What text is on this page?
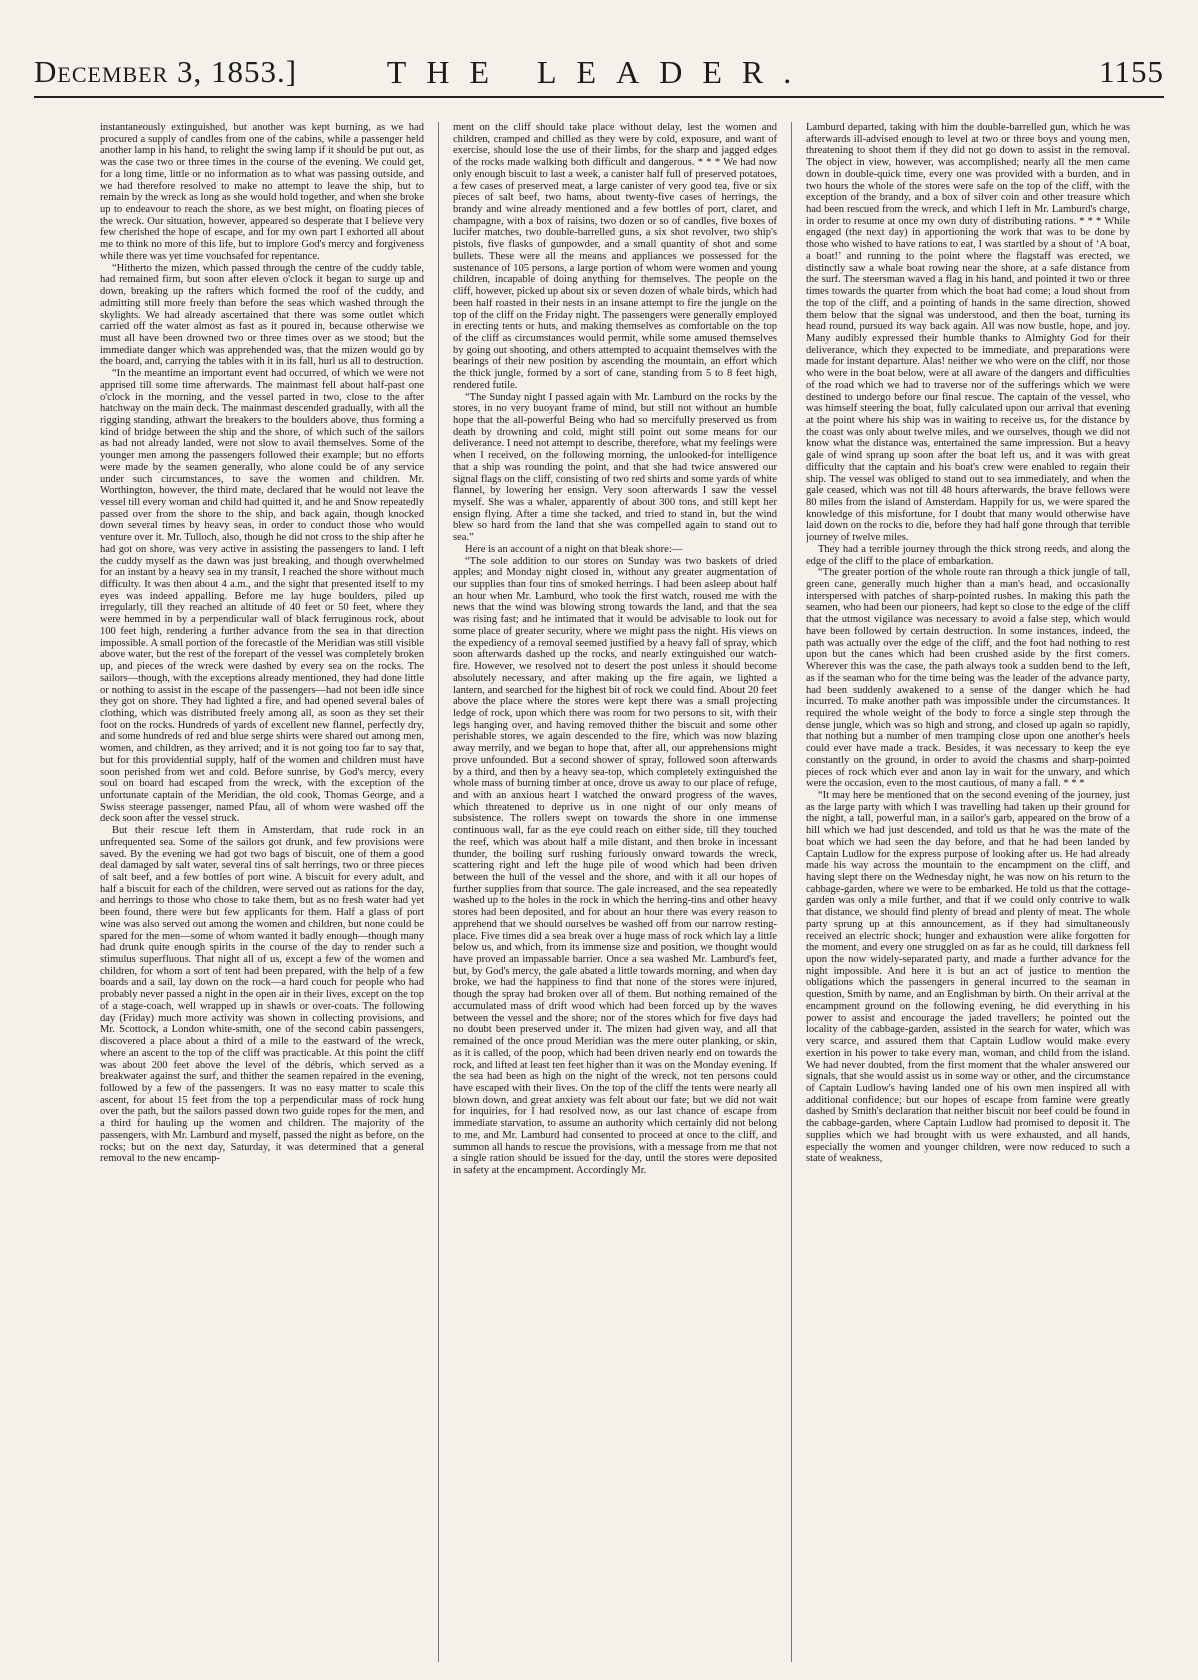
December 3, 1853.]	THE LEADER.	1155

instantaneously extinguished, but another was kept burning, as we had procured a supply of candles from one of the cabins, while a passenger held another lamp in his hand, to relight the swing lamp if it should be put out, as was the case two or three times in the course of the evening. We could get, for a long time, little or no information as to what was passing outside, and we had therefore resolved to make no attempt to leave the ship, but to remain by the wreck as long as she would hold together, and when she broke up to endeavour to reach the shore, as we best might, on floating pieces of the wreck. Our situation, however, appeared so desperate that I believe very few cherished the hope of escape, and for my own part I exhorted all about me to think no more of this life, but to implore God's mercy and forgiveness while there was yet time vouchsafed for repentance.

“Hitherto the mizen, which passed through the centre of the cuddy table, had remained firm, but soon after eleven o'clock it began to surge up and down, breaking up the rafters which formed the roof of the cuddy, and admitting still more freely than before the seas which washed through the skylights. We had already ascertained that there was some outlet which carried off the water almost as fast as it poured in, because otherwise we must all have been drowned two or three times over as we stood; but the immediate danger which was apprehended was, that the mizen would go by the board, and, carrying the tables with it in its fall, hurl us all to destruction.

“In the meantime an important event had occurred, of which we were not apprised till some time afterwards. The mainmast fell about half-past one o'clock in the morning, and the vessel parted in two, close to the after hatchway on the main deck. The mainmast descended gradually, with all the rigging standing, athwart the breakers to the boulders above, thus forming a kind of bridge between the ship and the shore, of which such of the sailors as had not already landed, were not slow to avail themselves. Some of the younger men among the passengers followed their example; but no efforts were made by the seamen generally, who alone could be of any service under such circumstances, to save the women and children. Mr. Worthington, however, the third mate, declared that he would not leave the vessel till every woman and child had quitted it, and he and Snow repeatedly passed over from the shore to the ship, and back again, though knocked down several times by heavy seas, in order to conduct those who would venture over it. Mr. Tulloch, also, though he did not cross to the ship after he had got on shore, was very active in assisting the passengers to land. I left the cuddy myself as the dawn was just breaking, and though overwhelmed for an instant by a heavy sea in my transit, I reached the shore without much difficulty. It was then about 4 a.m., and the sight that presented itself to my eyes was indeed appalling. Before me lay huge boulders, piled up irregularly, till they reached an altitude of 40 feet or 50 feet, where they were hemmed in by a perpendicular wall of black ferruginous rock, about 100 feet high, rendering a further advance from the sea in that direction impossible. A small portion of the forecastle of the Meridian was still visible above water, but the rest of the forepart of the vessel was completely broken up, and pieces of the wreck were dashed by every sea on the rocks. The sailors—though, with the exceptions already mentioned, they had done little or nothing to assist in the escape of the passengers—had not been idle since they got on shore. They had lighted a fire, and had opened several bales of clothing, which was distributed freely among all, as soon as they set their foot on the rocks. Hundreds of yards of excellent new flannel, perfectly dry, and some hundreds of red and blue serge shirts were shared out among men, women, and children, as they arrived; and it is not going too far to say that, but for this providential supply, half of the women and children must have soon perished from wet and cold. Before sunrise, by God's mercy, every soul on board had escaped from the wreck, with the exception of the unfortunate captain of the Meridian, the old cook, Thomas George, and a Swiss steerage passenger, named Pfau, all of whom were washed off the deck soon after the vessel struck.

But their rescue left them in Amsterdam, that rude rock in an unfrequented sea. Some of the sailors got drunk, and few provisions were saved. By the evening we had got two bags of biscuit, one of them a good deal damaged by salt water, several tins of salt herrings, two or three pieces of salt beef, and a few bottles of port wine. A biscuit for every adult, and half a biscuit for each of the children, were served out as rations for the day, and herrings to those who chose to take them, but as no fresh water had yet been found, there were but few applicants for them. Half a glass of port wine was also served out among the women and children, but none could be spared for the men—some of whom wanted it badly enough—though many had drunk quite enough spirits in the course of the day to render such a stimulus superfluous. That night all of us, except a few of the women and children, for whom a sort of tent had been prepared, with the help of a few boards and a sail, lay down on the rock—a hard couch for people who had probably never passed a night in the open air in their lives, except on the top of a stage-coach, well wrapped up in shawls or over-coats. The following day (Friday) much more activity was shown in collecting provisions, and Mr. Scottock, a London white-smith, one of the second cabin passengers, discovered a place about a third of a mile to the eastward of the wreck, where an ascent to the top of the cliff was practicable. At this point the cliff was about 200 feet above the level of the débris, which served as a breakwater against the surf, and thither the seamen repaired in the evening, followed by a few of the passengers. It was no easy matter to scale this ascent, for about 15 feet from the top a perpendicular mass of rock hung over the path, but the sailors passed down two guide ropes for the men, and a third for hauling up the women and children. The majority of the passengers, with Mr. Lamburd and myself, passed the night as before, on the rocks; but on the next day, Saturday, it was determined that a general removal to the new encamp-

ment on the cliff should take place without delay, lest the women and children, cramped and chilled as they were by cold, exposure, and want of exercise, should lose the use of their limbs, for the sharp and jagged edges of the rocks made walking both difficult and dangerous. * * * We had now only enough biscuit to last a week, a canister half full of preserved potatoes, a few cases of preserved meat, a large canister of very good tea, five or six pieces of salt beef, two hams, about twenty-five cases of herrings, the brandy and wine already mentioned and a few bottles of port, claret, and champagne, with a box of raisins, two dozen or so of candles, five boxes of lucifer matches, two double-barrelled guns, a six shot revolver, two ship's pistols, five flasks of gunpowder, and a small quantity of shot and some bullets. These were all the means and appliances we possessed for the sustenance of 105 persons, a large portion of whom were women and young children, incapable of doing anything for themselves. The people on the cliff, however, picked up about six or seven dozen of whale birds, which had been half roasted in their nests in an insane attempt to fire the jungle on the top of the cliff on the Friday night. The passengers were generally employed in erecting tents or huts, and making themselves as comfortable on the top of the cliff as circumstances would permit, while some amused themselves by going out shooting, and others attempted to acquaint themselves with the bearings of their new position by ascending the mountain, an effort which the thick jungle, formed by a sort of cane, standing from 5 to 8 feet high, rendered futile.

“The Sunday night I passed again with Mr. Lamburd on the rocks by the stores, in no very buoyant frame of mind, but still not without an humble hope that the all-powerful Being who had so mercifully preserved us from death by drowning and cold, might still point out some means for our deliverance. I need not attempt to describe, therefore, what my feelings were when I received, on the following morning, the unlooked-for intelligence that a ship was rounding the point, and that she had twice answered our signal flags on the cliff, consisting of two red shirts and some yards of white flannel, by lowering her ensign. Very soon afterwards I saw the vessel myself. She was a whaler, apparently of about 300 tons, and still kept her ensign flying. After a time she tacked, and tried to stand in, but the wind blew so hard from the land that she was compelled again to stand out to sea.”

Here is an account of a night on that bleak shore:—

“The sole addition to our stores on Sunday was two baskets of dried apples; and Monday night closed in, without any greater augmentation of our supplies than four tins of smoked herrings. I had been asleep about half an hour when Mr. Lamburd, who took the first watch, roused me with the news that the wind was blowing strong towards the land, and that the sea was rising fast; and he intimated that it would be advisable to look out for some place of greater security, where we might pass the night. His views on the expediency of a removal seemed justified by a heavy fall of spray, which soon afterwards dashed up the rocks, and nearly extinguished our watch-fire. However, we resolved not to desert the post unless it should become absolutely necessary, and after making up the fire again, we lighted a lantern, and searched for the highest bit of rock we could find. About 20 feet above the place where the stores were kept there was a small projecting ledge of rock, upon which there was room for two persons to sit, with their legs hanging over, and having removed thither the biscuit and some other perishable stores, we again descended to the fire, which was now blazing away merrily, and we began to hope that, after all, our apprehensions might prove unfounded. But a second shower of spray, followed soon afterwards by a third, and then by a heavy sea-top, which completely extinguished the whole mass of burning timber at once, drove us away to our place of refuge, and with an anxious heart I watched the onward progress of the waves, which threatened to deprive us in one night of our only means of subsistence. The rollers swept on towards the shore in one immense continuous wall, far as the eye could reach on either side, till they touched the reef, which was about half a mile distant, and then broke in incessant thunder, the boiling surf rushing furiously onward towards the wreck, scattering right and left the huge pile of wood which had been driven between the hull of the vessel and the shore, and with it all our hopes of further supplies from that source. The gale increased, and the sea repeatedly washed up to the holes in the rock in which the herring-tins and other heavy stores had been deposited, and for about an hour there was every reason to apprehend that we should ourselves be washed off from our narrow resting-place. Five times did a sea break over a huge mass of rock which lay a little below us, and which, from its immense size and position, we thought would have proved an impassable barrier. Once a sea washed Mr. Lamburd's feet, but, by God's mercy, the gale abated a little towards morning, and when day broke, we had the happiness to find that none of the stores were injured, though the spray had broken over all of them. But nothing remained of the accumulated mass of drift wood which had been forced up by the waves between the vessel and the shore; nor of the stores which for five days had no doubt been preserved under it. The mizen had given way, and all that remained of the once proud Meridian was the mere outer planking, or skin, as it is called, of the poop, which had been driven nearly end on towards the rock, and lifted at least ten feet higher than it was on the Monday evening. If the sea had been as high on the night of the wreck, not ten persons could have escaped with their lives. On the top of the cliff the tents were nearly all blown down, and great anxiety was felt about our fate; but we did not wait for inquiries, for I had resolved now, as our last chance of escape from immediate starvation, to assume an authority which certainly did not belong to me, and Mr. Lamburd had consented to proceed at once to the cliff, and summon all hands to rescue the provisions, with a message from me that not a single ration should be issued for the day, until the stores were deposited in safety at the encampment. Accordingly Mr.

Lamburd departed, taking with him the double-barrelled gun, which he was afterwards ill-advised enough to level at two or three boys and young men, threatening to shoot them if they did not go down to assist in the removal. The object in view, however, was accomplished; nearly all the men came down in double-quick time, every one was provided with a burden, and in two hours the whole of the stores were safe on the top of the cliff, with the exception of the brandy, and a box of silver coin and other treasure which had been rescued from the wreck, and which I left in Mr. Lamburd's charge, in order to resume at once my own duty of distributing rations. * * * While engaged (the next day) in apportioning the work that was to be done by those who wished to have rations to eat, I was startled by a shout of ‘A boat, a boat!’ and running to the point where the flagstaff was erected, we distinctly saw a whale boat rowing near the shore, at a safe distance from the surf. The steersman waved a flag in his hand, and pointed it two or three times towards the quarter from which the boat had come; a loud shout from the top of the cliff, and a pointing of hands in the same direction, showed them below that the signal was understood, and then the boat, turning its head round, pursued its way back again. All was now bustle, hope, and joy. Many audibly expressed their humble thanks to Almighty God for their deliverance, which they expected to be immediate, and preparations were made for instant departure. Alas! neither we who were on the cliff, nor those who were in the boat below, were at all aware of the dangers and difficulties of the road which we had to traverse nor of the sufferings which we were destined to undergo before our final rescue. The captain of the vessel, who was himself steering the boat, fully calculated upon our arrival that evening at the point where his ship was in waiting to receive us, for the distance by the coast was only about twelve miles, and we ourselves, though we did not know what the distance was, entertained the same impression. But a heavy gale of wind sprang up soon after the boat left us, and it was with great difficulty that the captain and his boat's crew were enabled to regain their ship. The vessel was obliged to stand out to sea immediately, and when the gale ceased, which was not till 48 hours afterwards, the brave fellows were 80 miles from the island of Amsterdam. Happily for us, we were spared the knowledge of this misfortune, for I doubt that many would otherwise have laid down on the rocks to die, before they had half gone through that terrible journey of twelve miles.

They had a terrible journey through the thick strong reeds, and along the edge of the cliff to the place of embarkation.

“The greater portion of the whole route ran through a thick jungle of tall, green cane, generally much higher than a man's head, and occasionally interspersed with patches of sharp-pointed rushes. In making this path the seamen, who had been our pioneers, had kept so close to the edge of the cliff that the utmost vigilance was necessary to avoid a false step, which would have been followed by certain destruction. In some instances, indeed, the path was actually over the edge of the cliff, and the foot had nothing to rest upon but the canes which had been crushed aside by the first comers. Wherever this was the case, the path always took a sudden bend to the left, as if the seaman who for the time being was the leader of the advance party, had been suddenly awakened to a sense of the danger which he had incurred. To make another path was impossible under the circumstances. It required the whole weight of the body to force a single step through the dense jungle, which was so high and strong, and closed up again so rapidly, that nothing but a number of men tramping close upon one another's heels could ever have made a track. Besides, it was necessary to keep the eye constantly on the ground, in order to avoid the chasms and sharp-pointed pieces of rock which ever and anon lay in wait for the unwary, and which were the occasion, even to the most cautious, of many a fall. * * *

“It may here be mentioned that on the second evening of the journey, just as the large party with which I was travelling had taken up their ground for the night, a tall, powerful man, in a sailor's garb, appeared on the brow of a hill which we had just descended, and told us that he was the mate of the boat which we had seen the day before, and that he had been landed by Captain Ludlow for the express purpose of looking after us. He had already made his way across the mountain to the encampment on the cliff, and having slept there on the Wednesday night, he was now on his return to the cabbage-garden, where we were to be embarked. He told us that the cottage-garden was only a mile further, and that if we could only contrive to walk that distance, we should find plenty of bread and plenty of meat. The whole party sprung up at this announcement, as if they had simultaneously received an electric shock; hunger and exhaustion were alike forgotten for the moment, and every one struggled on as far as he could, till darkness fell upon the now widely-separated party, and made a further advance for the night impossible. And here it is but an act of justice to mention the obligations which the passengers in general incurred to the seaman in question, Smith by name, and an Englishman by birth. On their arrival at the encampment ground on the following evening, he did everything in his power to assist and encourage the jaded travellers; he pointed out the locality of the cabbage-garden, assisted in the search for water, which was very scarce, and assured them that Captain Ludlow would make every exertion in his power to take every man, woman, and child from the island. We had never doubted, from the first moment that the whaler answered our signals, that she would assist us in some way or other, and the circumstance of Captain Ludlow's having landed one of his own men inspired all with additional confidence; but our hopes of escape from famine were greatly dashed by Smith's declaration that neither biscuit nor beef could be found in the cabbage-garden, where Captain Ludlow had promised to deposit it. The supplies which we had brought with us were exhausted, and all hands, especially the women and younger children, were now reduced to such a state of weakness,
